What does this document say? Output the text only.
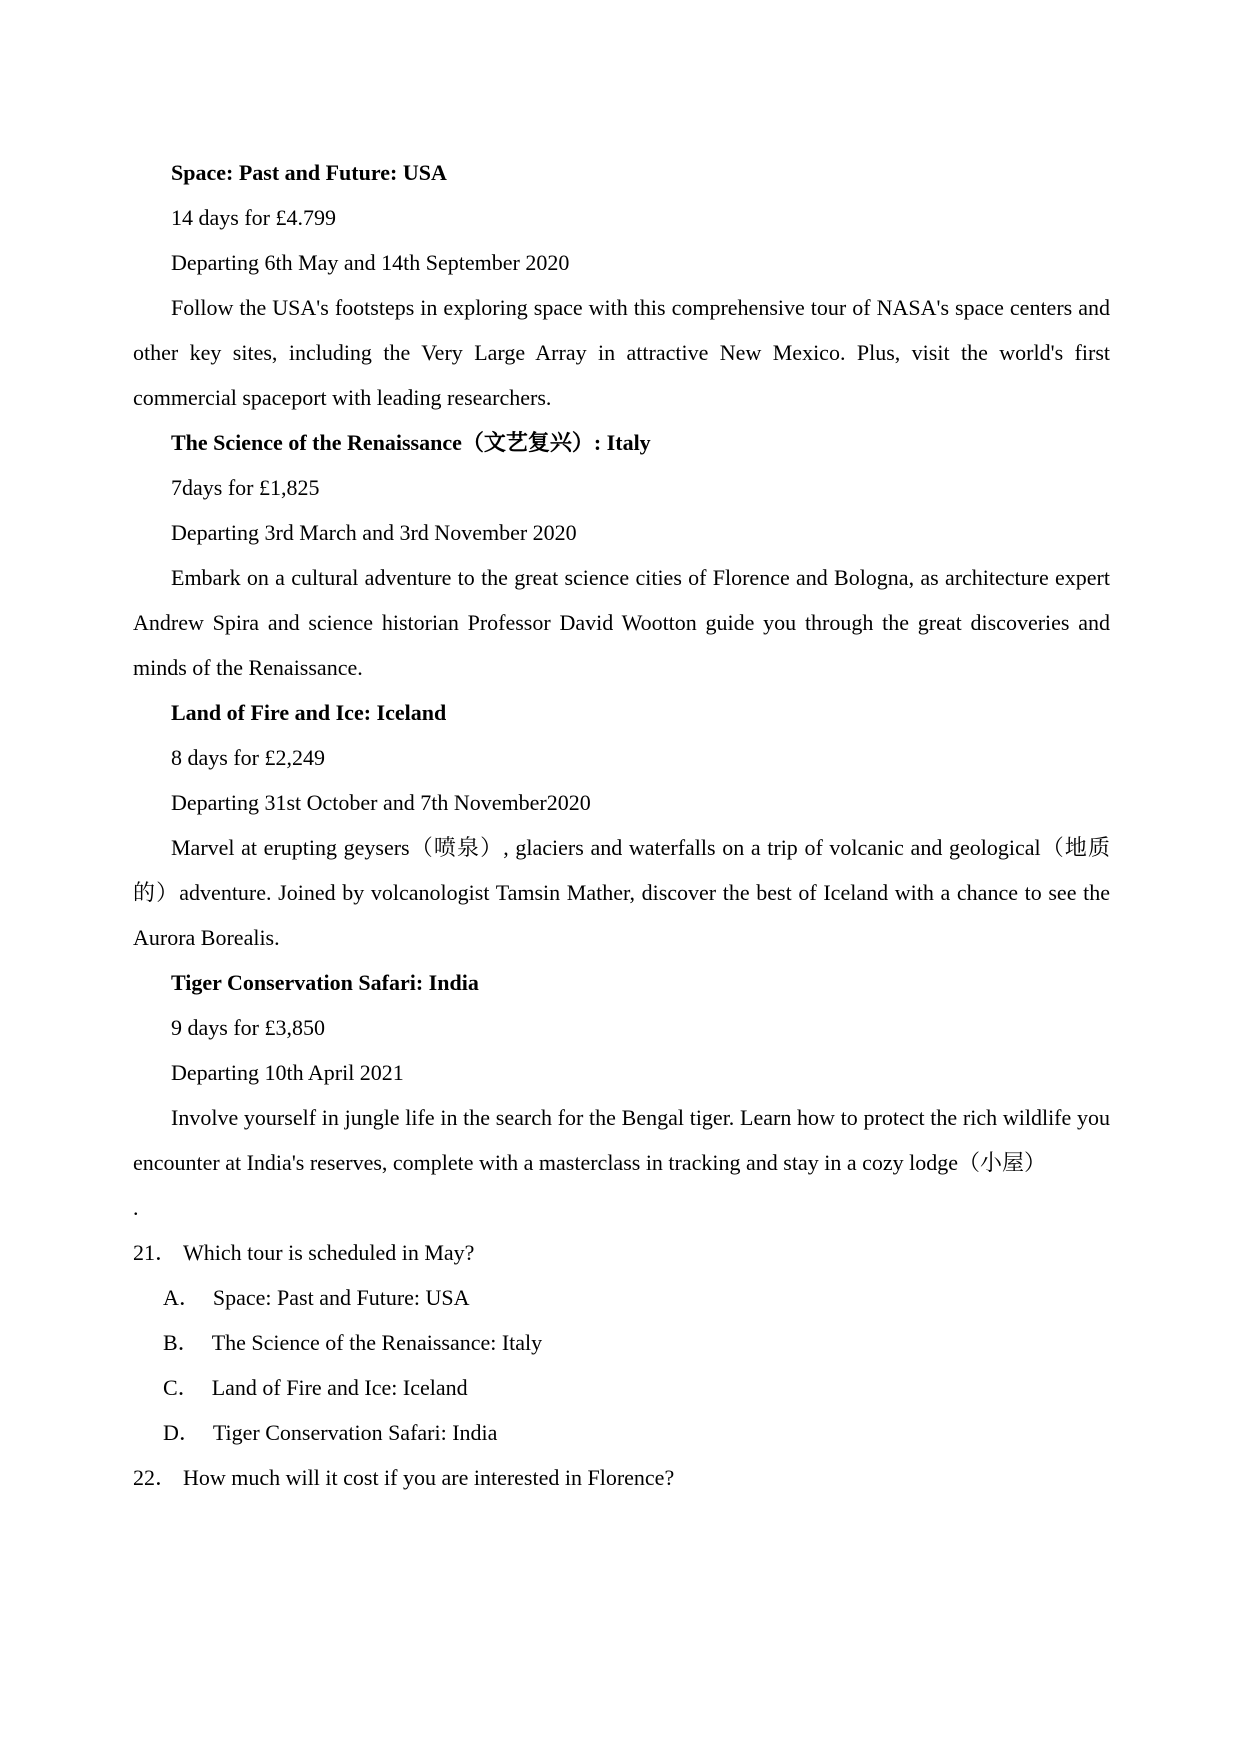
Space: Past and Future: USA

14 days for £4.799

Departing 6th May and 14th September 2020

Follow the USA's footsteps in exploring space with this comprehensive tour of NASA's space centers and other key sites, including the Very Large Array in attractive New Mexico. Plus, visit the world's first commercial spaceport with leading researchers.

The Science of the Renaissance（文艺复兴）: Italy

7days for £1,825

Departing 3rd March and 3rd November 2020

Embark on a cultural adventure to the great science cities of Florence and Bologna, as architecture expert Andrew Spira and science historian Professor David Wootton guide you through the great discoveries and minds of the Renaissance.

Land of Fire and Ice: Iceland

8 days for £2,249

Departing 31st October and 7th November2020

Marvel at erupting geysers（喷泉）, glaciers and waterfalls on a trip of volcanic and geological（地质的）adventure. Joined by volcanologist Tamsin Mather, discover the best of Iceland with a chance to see the Aurora Borealis.

Tiger Conservation Safari: India

9 days for £3,850

Departing 10th April 2021

Involve yourself in jungle life in the search for the Bengal tiger. Learn how to protect the rich wildlife you encounter at India's reserves, complete with a masterclass in tracking and stay in a cozy lodge（小屋）

.

21． Which tour is scheduled in May?

A． Space: Past and Future: USA

B． The Science of the Renaissance: Italy

C． Land of Fire and Ice: Iceland

D． Tiger Conservation Safari: India

22． How much will it cost if you are interested in Florence?
